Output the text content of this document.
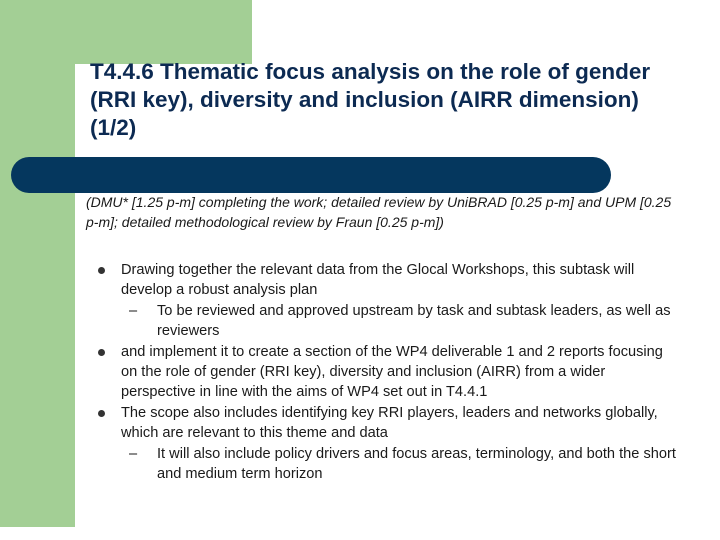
T4.4.6 Thematic focus analysis on the role of gender (RRI key), diversity and inclusion (AIRR dimension) (1/2)

(DMU* [1.25 p-m] completing the work; detailed review by UniBRAD [0.25 p-m] and UPM [0.25 p-m]; detailed methodological review by Fraun [0.25 p-m])

Drawing together the relevant data from the Glocal Workshops, this subtask will develop a robust analysis plan
– To be reviewed and approved upstream by task and subtask leaders, as well as reviewers
and implement it to create a section of the WP4 deliverable 1 and 2 reports focusing on the role of gender (RRI key), diversity and inclusion (AIRR) from a wider perspective in line with the aims of WP4 set out in T4.4.1
The scope also includes identifying key RRI players, leaders and networks globally, which are relevant to this theme and data
– It will also include policy drivers and focus areas, terminology, and both the short and medium term horizon
